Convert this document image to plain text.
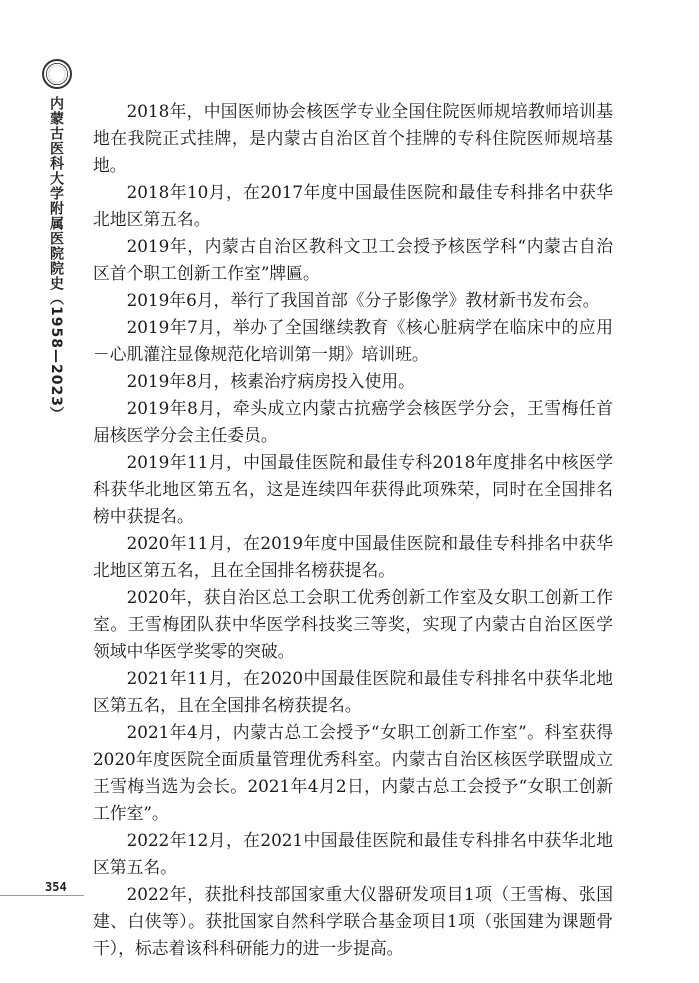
内蒙古医科大学附属医院院史（1958—2023）
354

2018年，中国医师协会核医学专业全国住院医师规培教师培训基地在我院正式挂牌，是内蒙古自治区首个挂牌的专科住院医师规培基地。

2018年10月，在2017年度中国最佳医院和最佳专科排名中获华北地区第五名。

2019年，内蒙古自治区教科文卫工会授予核医学科“内蒙古自治区首个职工创新工作室”牌匾。

2019年6月，举行了我国首部《分子影像学》教材新书发布会。

2019年7月，举办了全国继续教育《核心脏病学在临床中的应用－心肌灌注显像规范化培训第一期》培训班。

2019年8月，核素治疗病房投入使用。

2019年8月，牵头成立内蒙古抗癌学会核医学分会，王雪梅任首届核医学分会主任委员。

2019年11月，中国最佳医院和最佳专科2018年度排名中核医学科获华北地区第五名，这是连续四年获得此项殊荣，同时在全国排名榜中获提名。

2020年11月，在2019年度中国最佳医院和最佳专科排名中获华北地区第五名，且在全国排名榜获提名。

2020年，获自治区总工会职工优秀创新工作室及女职工创新工作室。王雪梅团队获中华医学科技奖三等奖，实现了内蒙古自治区医学领域中华医学奖零的突破。

2021年11月，在2020中国最佳医院和最佳专科排名中获华北地区第五名，且在全国排名榜获提名。

2021年4月，内蒙古总工会授予“女职工创新工作室”。科室获得2020年度医院全面质量管理优秀科室。内蒙古自治区核医学联盟成立王雪梅当选为会长。2021年4月2日，内蒙古总工会授予“女职工创新工作室”。

2022年12月，在2021中国最佳医院和最佳专科排名中获华北地区第五名。

2022年，获批科技部国家重大仪器研发项目1项（王雪梅、张国建、白侠等）。获批国家自然科学联合基金项目1项（张国建为课题骨干），标志着该科科研能力的进一步提高。
